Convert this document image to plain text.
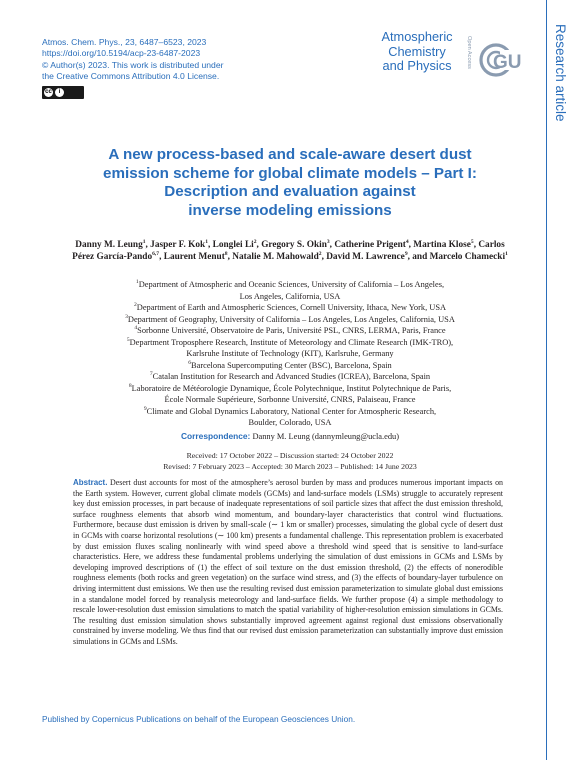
Atmos. Chem. Phys., 23, 6487–6523, 2023
https://doi.org/10.5194/acp-23-6487-2023
© Author(s) 2023. This work is distributed under
the Creative Commons Attribution 4.0 License.
cc	i
Atmospheric
Chemistry
and Physics	Open Access GU Research article
A new process-based and scale-aware desert dust
emission scheme for global climate models – Part I:
Description and evaluation against
inverse modeling emissions
Danny M. Leung$^1$, Jasper F. Kok$^1$, Longlei Li$^2$, Gregory S. Okin$^3$, Catherine Prigent$^4$, Martina Klose$^5$, Carlos Pérez García-Pando$^{6,7}$, Laurent Menut$^8$, Natalie M. Mahowald$^2$, David M. Lawrence$^9$, and Marcelo Chamecki$^1$
$^1$Department of Atmospheric and Oceanic Sciences, University of California – Los Angeles,
Los Angeles, California, USA
$^2$Department of Earth and Atmospheric Sciences, Cornell University, Ithaca, New York, USA
$^3$Department of Geography, University of California – Los Angeles, Los Angeles, California, USA
$^4$Sorbonne Université, Observatoire de Paris, Université PSL, CNRS, LERMA, Paris, France
$^5$Department Troposphere Research, Institute of Meteorology and Climate Research (IMK-TRO),
Karlsruhe Institute of Technology (KIT), Karlsruhe, Germany
$^6$Barcelona Supercomputing Center (BSC), Barcelona, Spain
$^7$Catalan Institution for Research and Advanced Studies (ICREA), Barcelona, Spain
$^8$Laboratoire de Météorologie Dynamique, École Polytechnique, Institut Polytechnique de Paris,
École Normale Supérieure, Sorbonne Université, CNRS, Palaiseau, France
$^9$Climate and Global Dynamics Laboratory, National Center for Atmospheric Research,
Boulder, Colorado, USA
Correspondence: Danny M. Leung (dannymleung@ucla.edu)
Received: 17 October 2022 – Discussion started: 24 October 2022
Revised: 7 February 2023 – Accepted: 30 March 2023 – Published: 14 June 2023
Abstract. Desert dust accounts for most of the atmosphere’s aerosol burden by mass and produces numerous important impacts on the Earth system. However, current global climate models (GCMs) and land-surface models (LSMs) struggle to accurately represent key dust emission processes, in part because of inadequate representations of soil particle sizes that affect the dust emission threshold, surface roughness elements that absorb wind momentum, and boundary-layer characteristics that control wind fluctuations. Furthermore, because dust emission is driven by small-scale (∼ 1 km or smaller) processes, simulating the global cycle of desert dust in GCMs with coarse horizontal resolutions (∼ 100 km) presents a fundamental challenge. This representation problem is exacerbated by dust emission fluxes scaling nonlinearly with wind speed above a threshold wind speed that is sensitive to land-surface characteristics. Here, we address these fundamental problems underlying the simulation of dust emissions in GCMs and LSMs by developing improved descriptions of (1) the effect of soil texture on the dust emission threshold, (2) the effects of nonerodible roughness elements (both rocks and green vegetation) on the surface wind stress, and (3) the effects of boundary-layer turbulence on driving intermittent dust emissions. We then use the resulting revised dust emission parameterization to simulate global dust emissions in a standalone model forced by reanalysis meteorology and land-surface fields. We further propose (4) a simple methodology to rescale lower-resolution dust emission simulations to match the spatial variability of higher-resolution emission simulations in GCMs. The resulting dust emission simulation shows substantially improved agreement against regional dust emissions observationally constrained by inverse modeling. We thus find that our revised dust emission parameterization can substantially improve dust emission simulations in GCMs and LSMs.
Published by Copernicus Publications on behalf of the European Geosciences Union.
